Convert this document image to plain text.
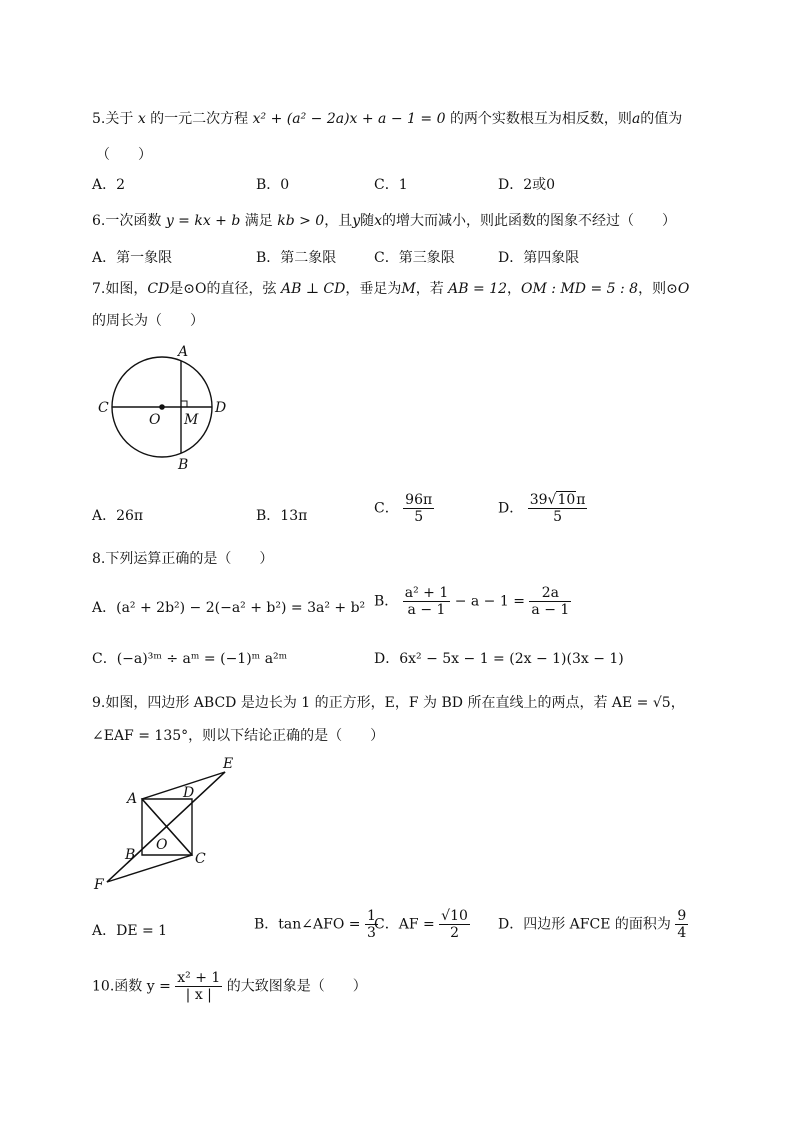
5.关于 x 的一元二次方程 x² + (a² − 2a)x + a − 1 = 0 的两个实数根互为相反数，则a的值为
（　　）
A．2	B．0	C．1	D．2或0
6.一次函数 y = kx + b 满足 kb > 0，且y随x的增大而减小，则此函数的图象不经过（　　）
A．第一象限	B．第二象限	C．第三象限	D．第四象限
7.如图，CD是⊙O的直径，弦 AB ⊥ CD，垂足为M，若 AB = 12，OM : MD = 5 : 8，则⊙O
的周长为（　　）
A
C
O M
D
B
A．26π	B．13π	C． $\frac{96\pi}{5}$	D． $\frac{39√10\pi}{5}$
8.下列运算正确的是（　　）
A．(a² + 2b²) − 2(−a² + b²) = 3a² + b² B． $\frac{\text{a² + 1}}{a - 1} - a - 1 = \frac{2a}{a - 1}$
C．(−a)³ᵐ ÷ aᵐ = (−1)ᵐ a²ᵐ	D．6x² − 5x − 1 = (2x − 1)(3x − 1)
9.如图，四边形 ABCD 是边长为 1 的正方形，E，F 为 BD 所在直线上的两点，若 AE = √5，
∠EAF = 135°，则以下结论正确的是（　　）
E
A	D
O
B	C
F
A．DE = 1	B．tan∠AFO = $\frac{1}{3}$
C．AF = $\frac{√10}{2}$ D．四边形 AFCE 的面积为 $\frac{9}{4}$
10.函数 $y = \frac{\text{x² + 1}}{| x |}$ 的大致图象是（　　）
